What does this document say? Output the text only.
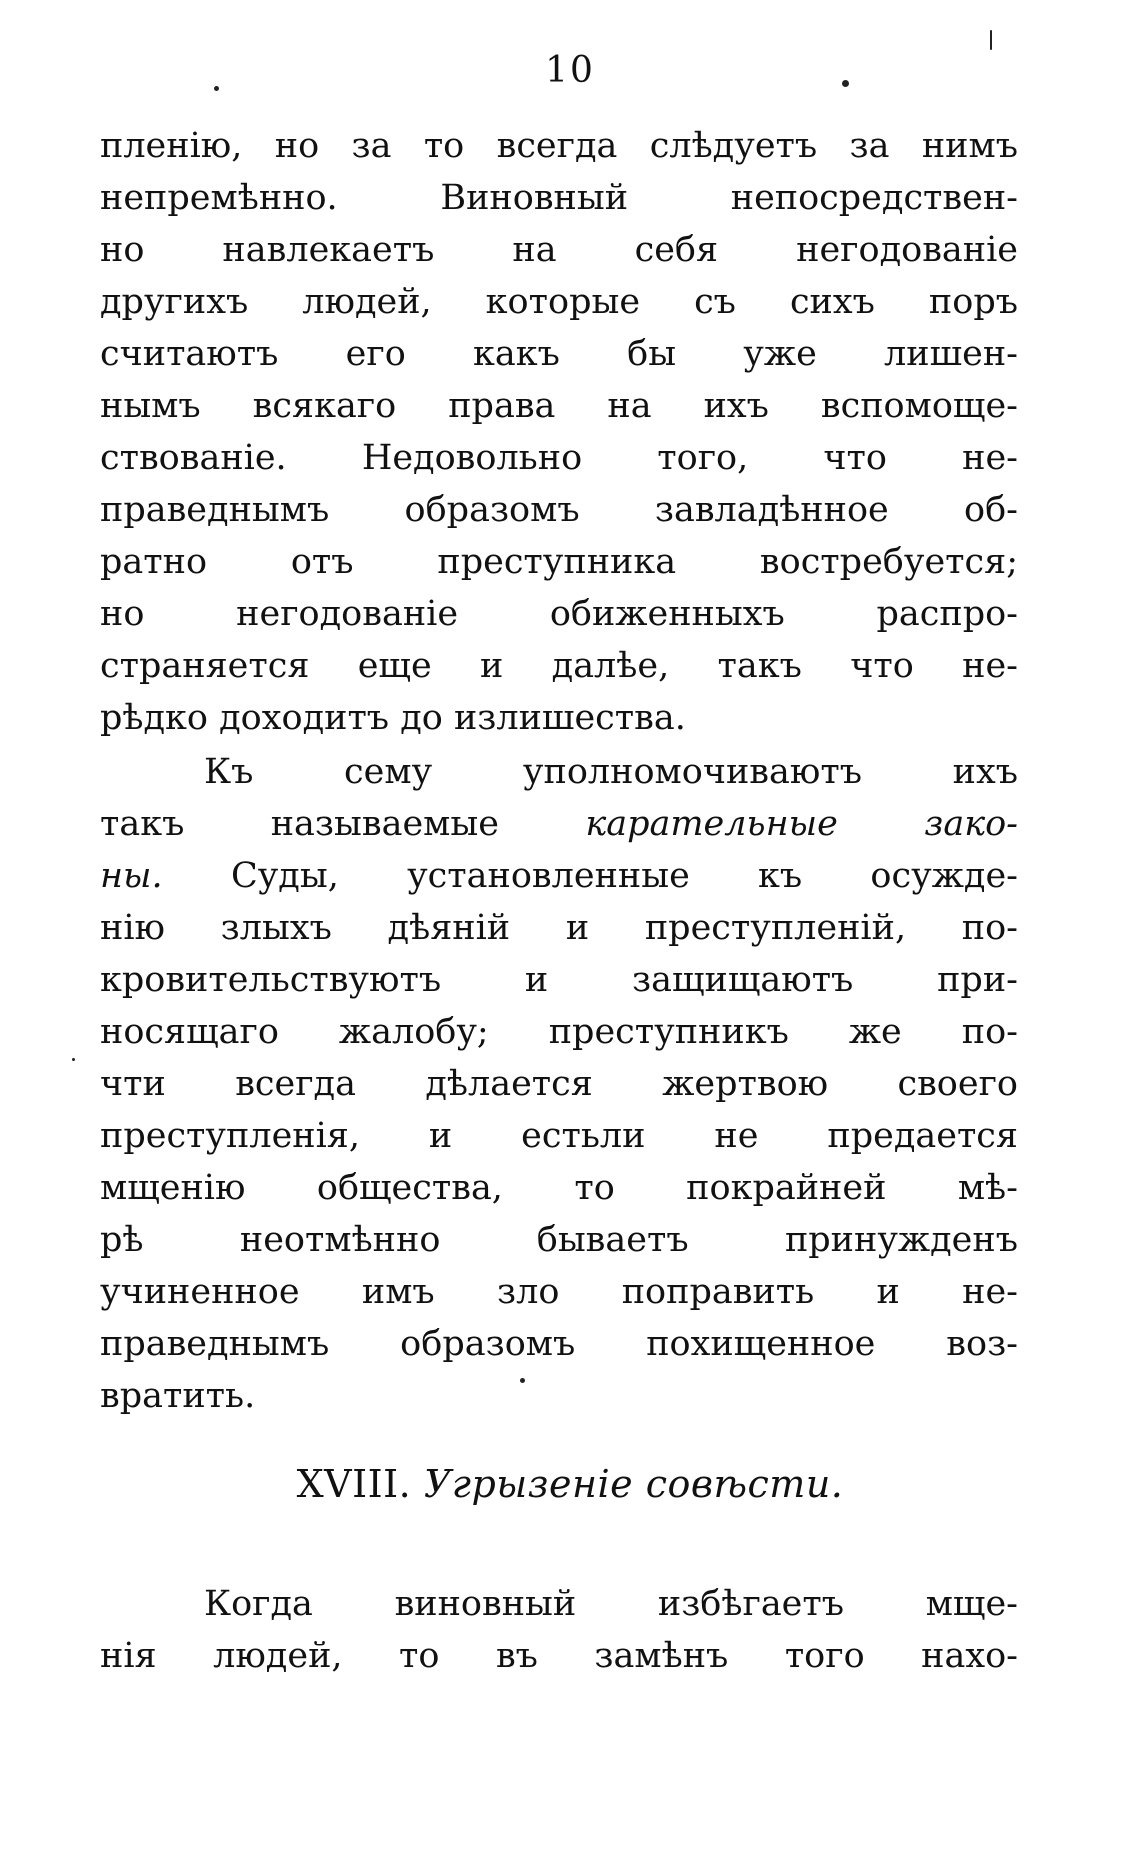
10
пленію, но за то всегда слѣдуетъ за нимъ
непремѣнно. Виновный непосредствен-
но навлекаетъ на себя негодованіе
другихъ людей, которые съ сихъ поръ
считаютъ его какъ бы уже лишен-
нымъ всякаго права на ихъ вспомоще-
ствованіе. Недовольно того, что не-
праведнымъ образомъ завладѣнное об-
ратно отъ преступника востребуется;
но негодованіе обиженныхъ распро-
страняется еще и далѣе, такъ что не-
рѣдко доходитъ до излишества.
Къ сему уполномочиваютъ ихъ
такъ называемые карательные зако-
ны. Суды, установленные къ осужде-
нію злыхъ дѣяній и преступленій, по-
кровительствуютъ и защищаютъ при-
носящаго жалобу; преступникъ же по-
чти всегда дѣлается жертвою своего
преступленія, и естьли не предается
мщенію общества, то покрайней мѣ-
рѣ неотмѣнно бываетъ принужденъ
учиненное имъ зло поправить и не-
праведнымъ образомъ похищенное воз-
вратить.
XVIII. Угрызеніе совѣсти.
Когда виновный избѣгаетъ мще-
нія людей, то въ замѣнъ того нахо-
